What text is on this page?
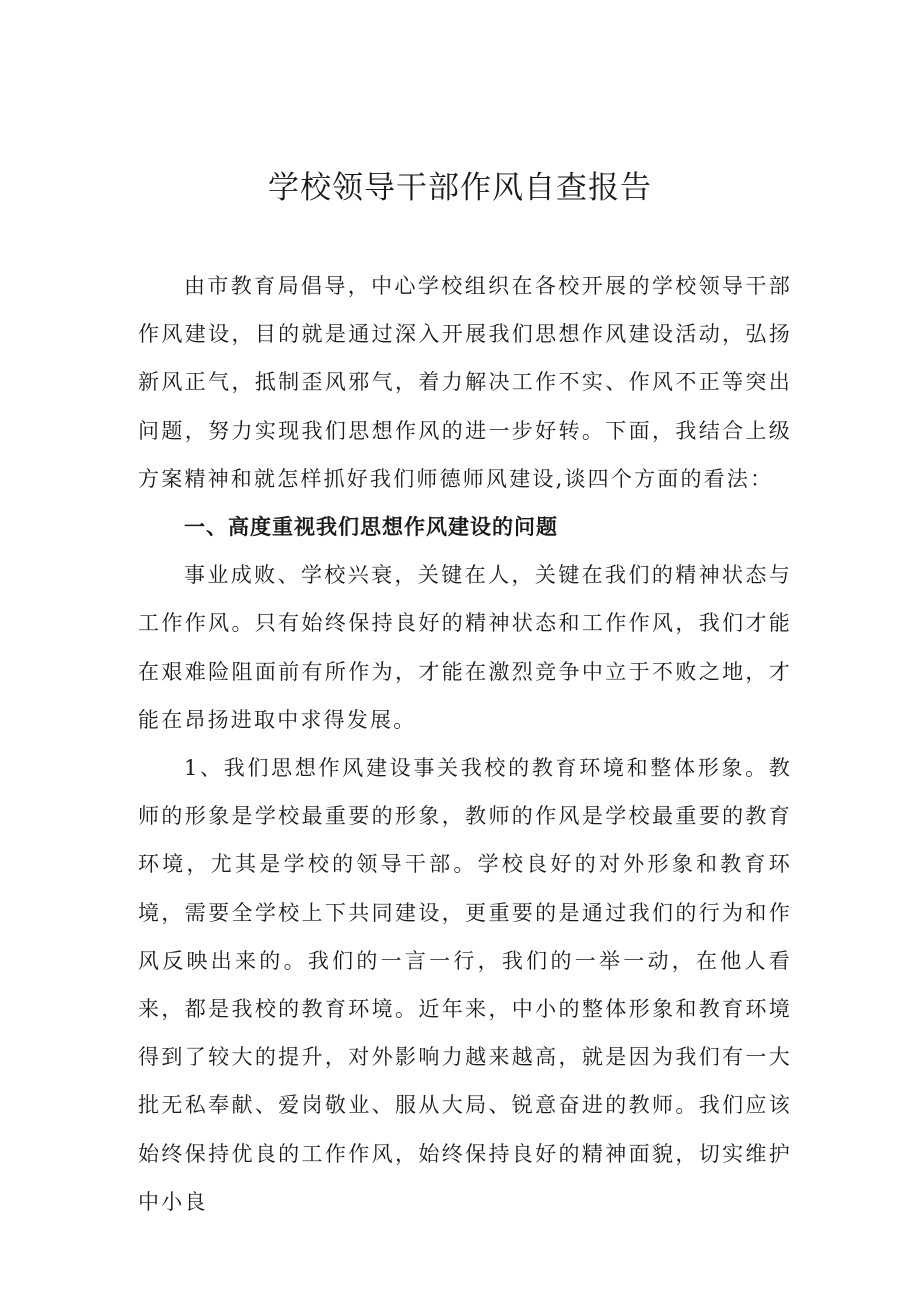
学校领导干部作风自查报告

由市教育局倡导，中心学校组织在各校开展的学校领导干部作风建设，目的就是通过深入开展我们思想作风建设活动，弘扬新风正气，抵制歪风邪气，着力解决工作不实、作风不正等突出问题，努力实现我们思想作风的进一步好转。下面，我结合上级方案精神和就怎样抓好我们师德师风建设,谈四个方面的看法：

一、高度重视我们思想作风建设的问题

事业成败、学校兴衰，关键在人，关键在我们的精神状态与工作作风。只有始终保持良好的精神状态和工作作风，我们才能在艰难险阻面前有所作为，才能在激烈竞争中立于不败之地，才能在昂扬进取中求得发展。

1、我们思想作风建设事关我校的教育环境和整体形象。教师的形象是学校最重要的形象，教师的作风是学校最重要的教育环境，尤其是学校的领导干部。学校良好的对外形象和教育环境，需要全学校上下共同建设，更重要的是通过我们的行为和作风反映出来的。我们的一言一行，我们的一举一动，在他人看来，都是我校的教育环境。近年来，中小的整体形象和教育环境得到了较大的提升，对外影响力越来越高，就是因为我们有一大批无私奉献、爱岗敬业、服从大局、锐意奋进的教师。我们应该始终保持优良的工作作风，始终保持良好的精神面貌，切实维护中小良
